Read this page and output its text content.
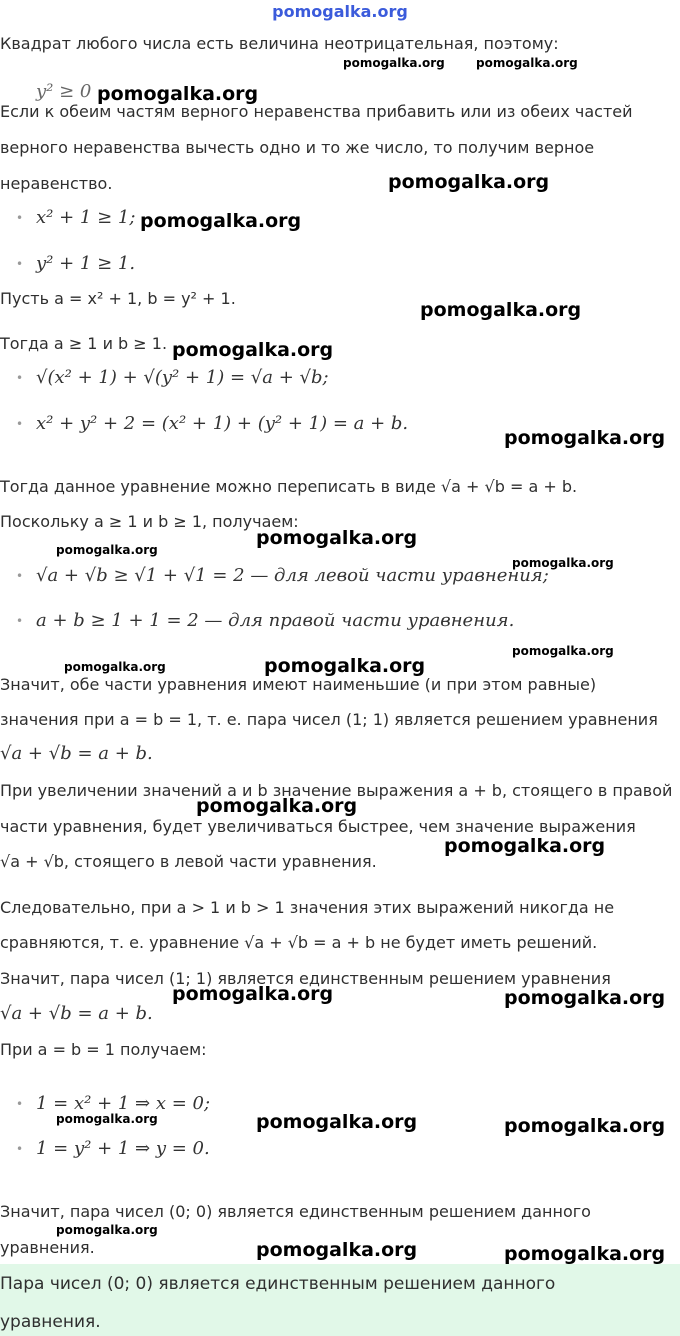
pomogalka.org
Квадрат любого числа есть величина неотрицательная, поэтому:
y² ≥ 0
Если к обеим частям верного неравенства прибавить или из обеих частей
верного неравенства вычесть одно и то же число, то получим верное
неравенство.
• x² + 1 ≥ 1;
• y² + 1 ≥ 1.
Пусть a = x² + 1, b = y² + 1.
Тогда a ≥ 1 и b ≥ 1.
• √(x² + 1) + √(y² + 1) = √a + √b;
• x² + y² + 2 = (x² + 1) + (y² + 1) = a + b.
Тогда данное уравнение можно переписать в виде √a + √b = a + b.
Поскольку a ≥ 1 и b ≥ 1, получаем:
• √a + √b ≥ √1 + √1 = 2 — для левой части уравнения;
• a + b ≥ 1 + 1 = 2 — для правой части уравнения.
Значит, обе части уравнения имеют наименьшие (и при этом равные)
значения при a = b = 1, т. е. пара чисел (1; 1) является решением уравнения
√a + √b = a + b.
При увеличении значений a и b значение выражения a + b, стоящего в правой
части уравнения, будет увеличиваться быстрее, чем значение выражения
√a + √b, стоящего в левой части уравнения.
Следовательно, при a > 1 и b > 1 значения этих выражений никогда не
сравняются, т. е. уравнение √a + √b = a + b не будет иметь решений.
Значит, пара чисел (1; 1) является единственным решением уравнения
√a + √b = a + b.
При a = b = 1 получаем:
• 1 = x² + 1 ⇒ x = 0;
• 1 = y² + 1 ⇒ y = 0.
Значит, пара чисел (0; 0) является единственным решением данного
уравнения.
Пара чисел (0; 0) является единственным решением данного
уравнения.
pomogalka.org	pomogalka.org
pomogalka.org
pomogalka.org
pomogalka.org
pomogalka.org
pomogalka.org
pomogalka.org
pomogalka.org
pomogalka.org
pomogalka.org
pomogalka.org
pomogalka.org
pomogalka.org
pomogalka.org
pomogalka.org
pomogalka.org	pomogalka.org
pomogalka.org	pomogalka.org	pomogalka.org
pomogalka.org
pomogalka.org	pomogalka.org
